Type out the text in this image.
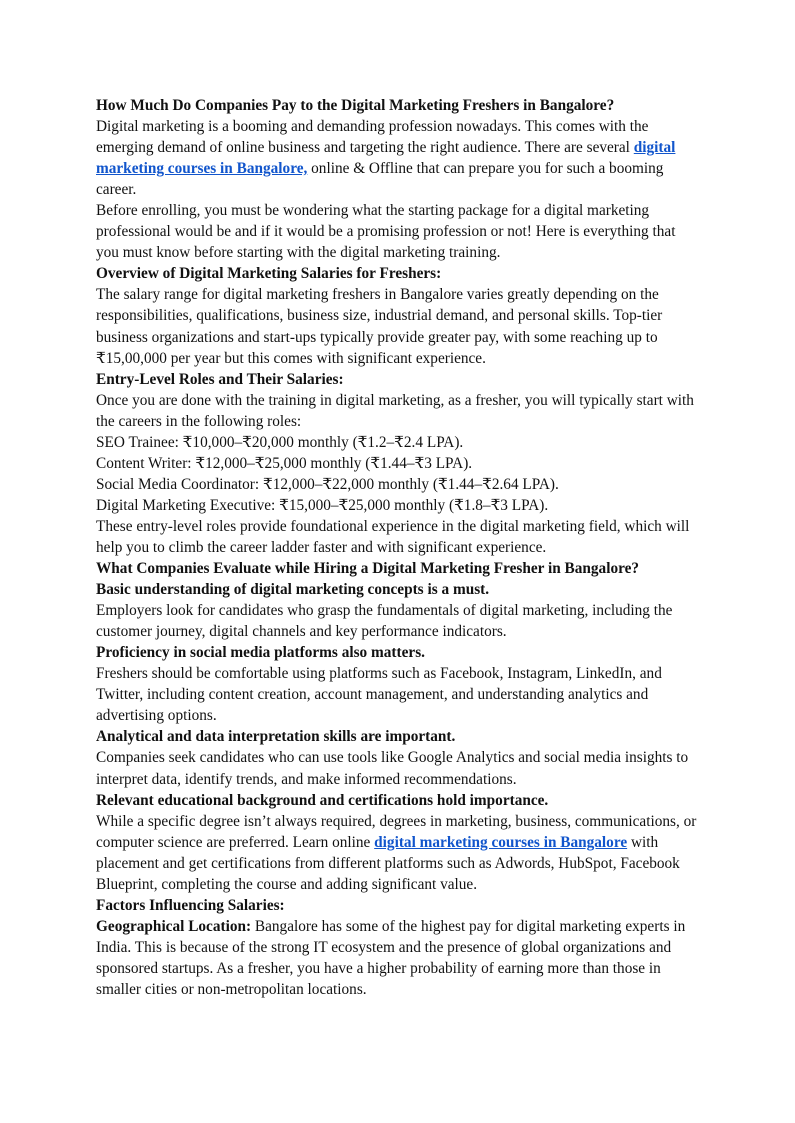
How Much Do Companies Pay to the Digital Marketing Freshers in Bangalore?
Digital marketing is a booming and demanding profession nowadays. This comes with the emerging demand of online business and targeting the right audience. There are several digital marketing courses in Bangalore, online & Offline that can prepare you for such a booming career.
Before enrolling, you must be wondering what the starting package for a digital marketing professional would be and if it would be a promising profession or not! Here is everything that you must know before starting with the digital marketing training.
Overview of Digital Marketing Salaries for Freshers:
The salary range for digital marketing freshers in Bangalore varies greatly depending on the responsibilities, qualifications, business size, industrial demand, and personal skills. Top-tier business organizations and start-ups typically provide greater pay, with some reaching up to ₹15,00,000 per year but this comes with significant experience.
Entry-Level Roles and Their Salaries:
Once you are done with the training in digital marketing, as a fresher, you will typically start with the careers in the following roles:
SEO Trainee: ₹10,000–₹20,000 monthly (₹1.2–₹2.4 LPA).
Content Writer: ₹12,000–₹25,000 monthly (₹1.44–₹3 LPA).
Social Media Coordinator: ₹12,000–₹22,000 monthly (₹1.44–₹2.64 LPA).
Digital Marketing Executive: ₹15,000–₹25,000 monthly (₹1.8–₹3 LPA).
These entry-level roles provide foundational experience in the digital marketing field, which will help you to climb the career ladder faster and with significant experience.
What Companies Evaluate while Hiring a Digital Marketing Fresher in Bangalore?
Basic understanding of digital marketing concepts is a must.
Employers look for candidates who grasp the fundamentals of digital marketing, including the customer journey, digital channels and key performance indicators.
Proficiency in social media platforms also matters.
Freshers should be comfortable using platforms such as Facebook, Instagram, LinkedIn, and Twitter, including content creation, account management, and understanding analytics and advertising options.
Analytical and data interpretation skills are important.
Companies seek candidates who can use tools like Google Analytics and social media insights to interpret data, identify trends, and make informed recommendations.
Relevant educational background and certifications hold importance.
While a specific degree isn’t always required, degrees in marketing, business, communications, or computer science are preferred. Learn online digital marketing courses in Bangalore with placement and get certifications from different platforms such as Adwords, HubSpot, Facebook Blueprint, completing the course and adding significant value.
Factors Influencing Salaries:
Geographical Location: Bangalore has some of the highest pay for digital marketing experts in India. This is because of the strong IT ecosystem and the presence of global organizations and sponsored startups. As a fresher, you have a higher probability of earning more than those in smaller cities or non-metropolitan locations.
